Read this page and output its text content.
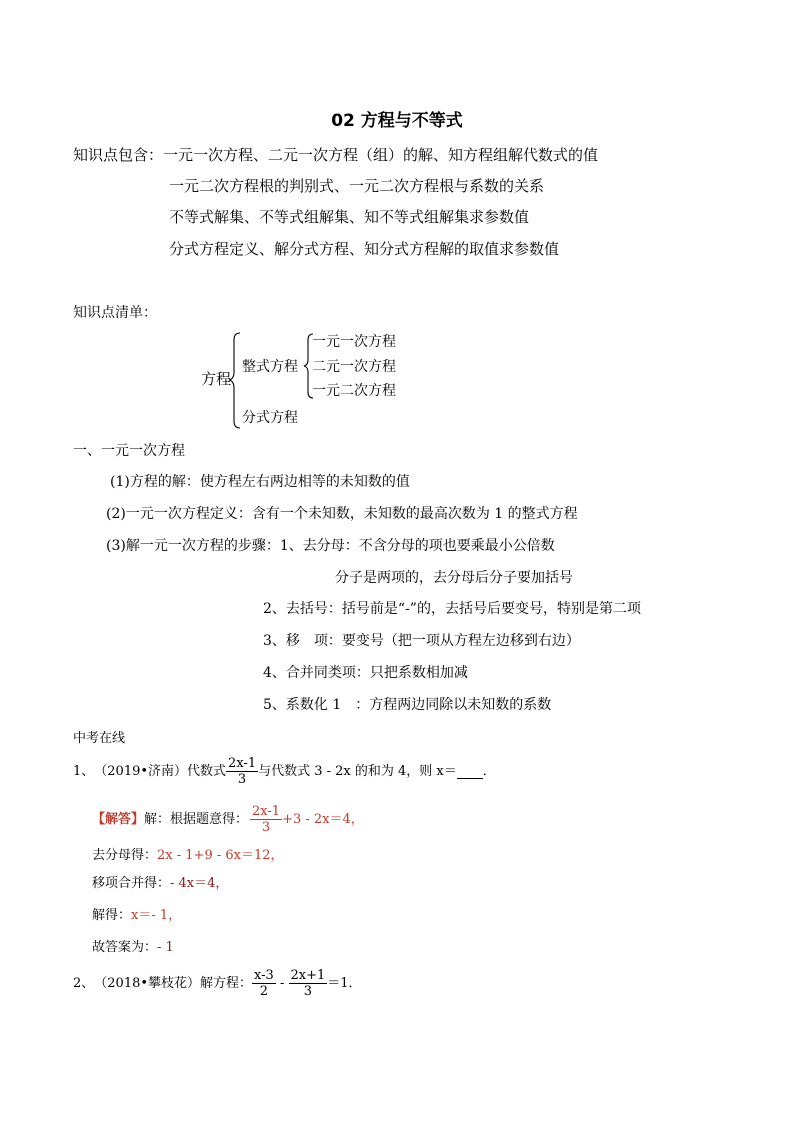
02 方程与不等式
知识点包含：一元一次方程、二元一次方程（组）的解、知方程组解代数式的值
一元二次方程根的判别式、一元二次方程根与系数的关系
不等式解集、不等式组解集、知不等式组解集求参数值
分式方程定义、解分式方程、知分式方程解的取值求参数值
知识点清单：
方程
整式方程
分式方程
一元一次方程
二元一次方程
一元二次方程
一、一元一次方程
(1)方程的解：使方程左右两边相等的未知数的值
(2)一元一次方程定义：含有一个未知数，未知数的最高次数为 1 的整式方程
(3)解一元一次方程的步骤：1、去分母：不含分母的项也要乘最小公倍数
分子是两项的，去分母后分子要加括号
2、去括号：括号前是“-”的，去括号后要变号，特别是第二项
3、移　项：要变号（把一项从方程左边移到右边）
4、合并同类项：只把系数相加减
5、系数化 1　：方程两边同除以未知数的系数
中考在线
1、 （2019•济南）代数式 $\frac{2x-1}{3}$ 与代数式 3 - 2x 的和为 4，则 x＝ ．
【解答】 解：根据题意得： $\frac{2x-1}{3} +3 - 2x=4$，
去分母得：2x - 1+9 - 6x＝12，
移项合并得：- 4x＝4，
解得：x＝- 1，
故答案为：- 1
2、 （2018•攀枝花）解方程： $\frac{x-3}{2} - \frac{2x+1}{3} =1$．
